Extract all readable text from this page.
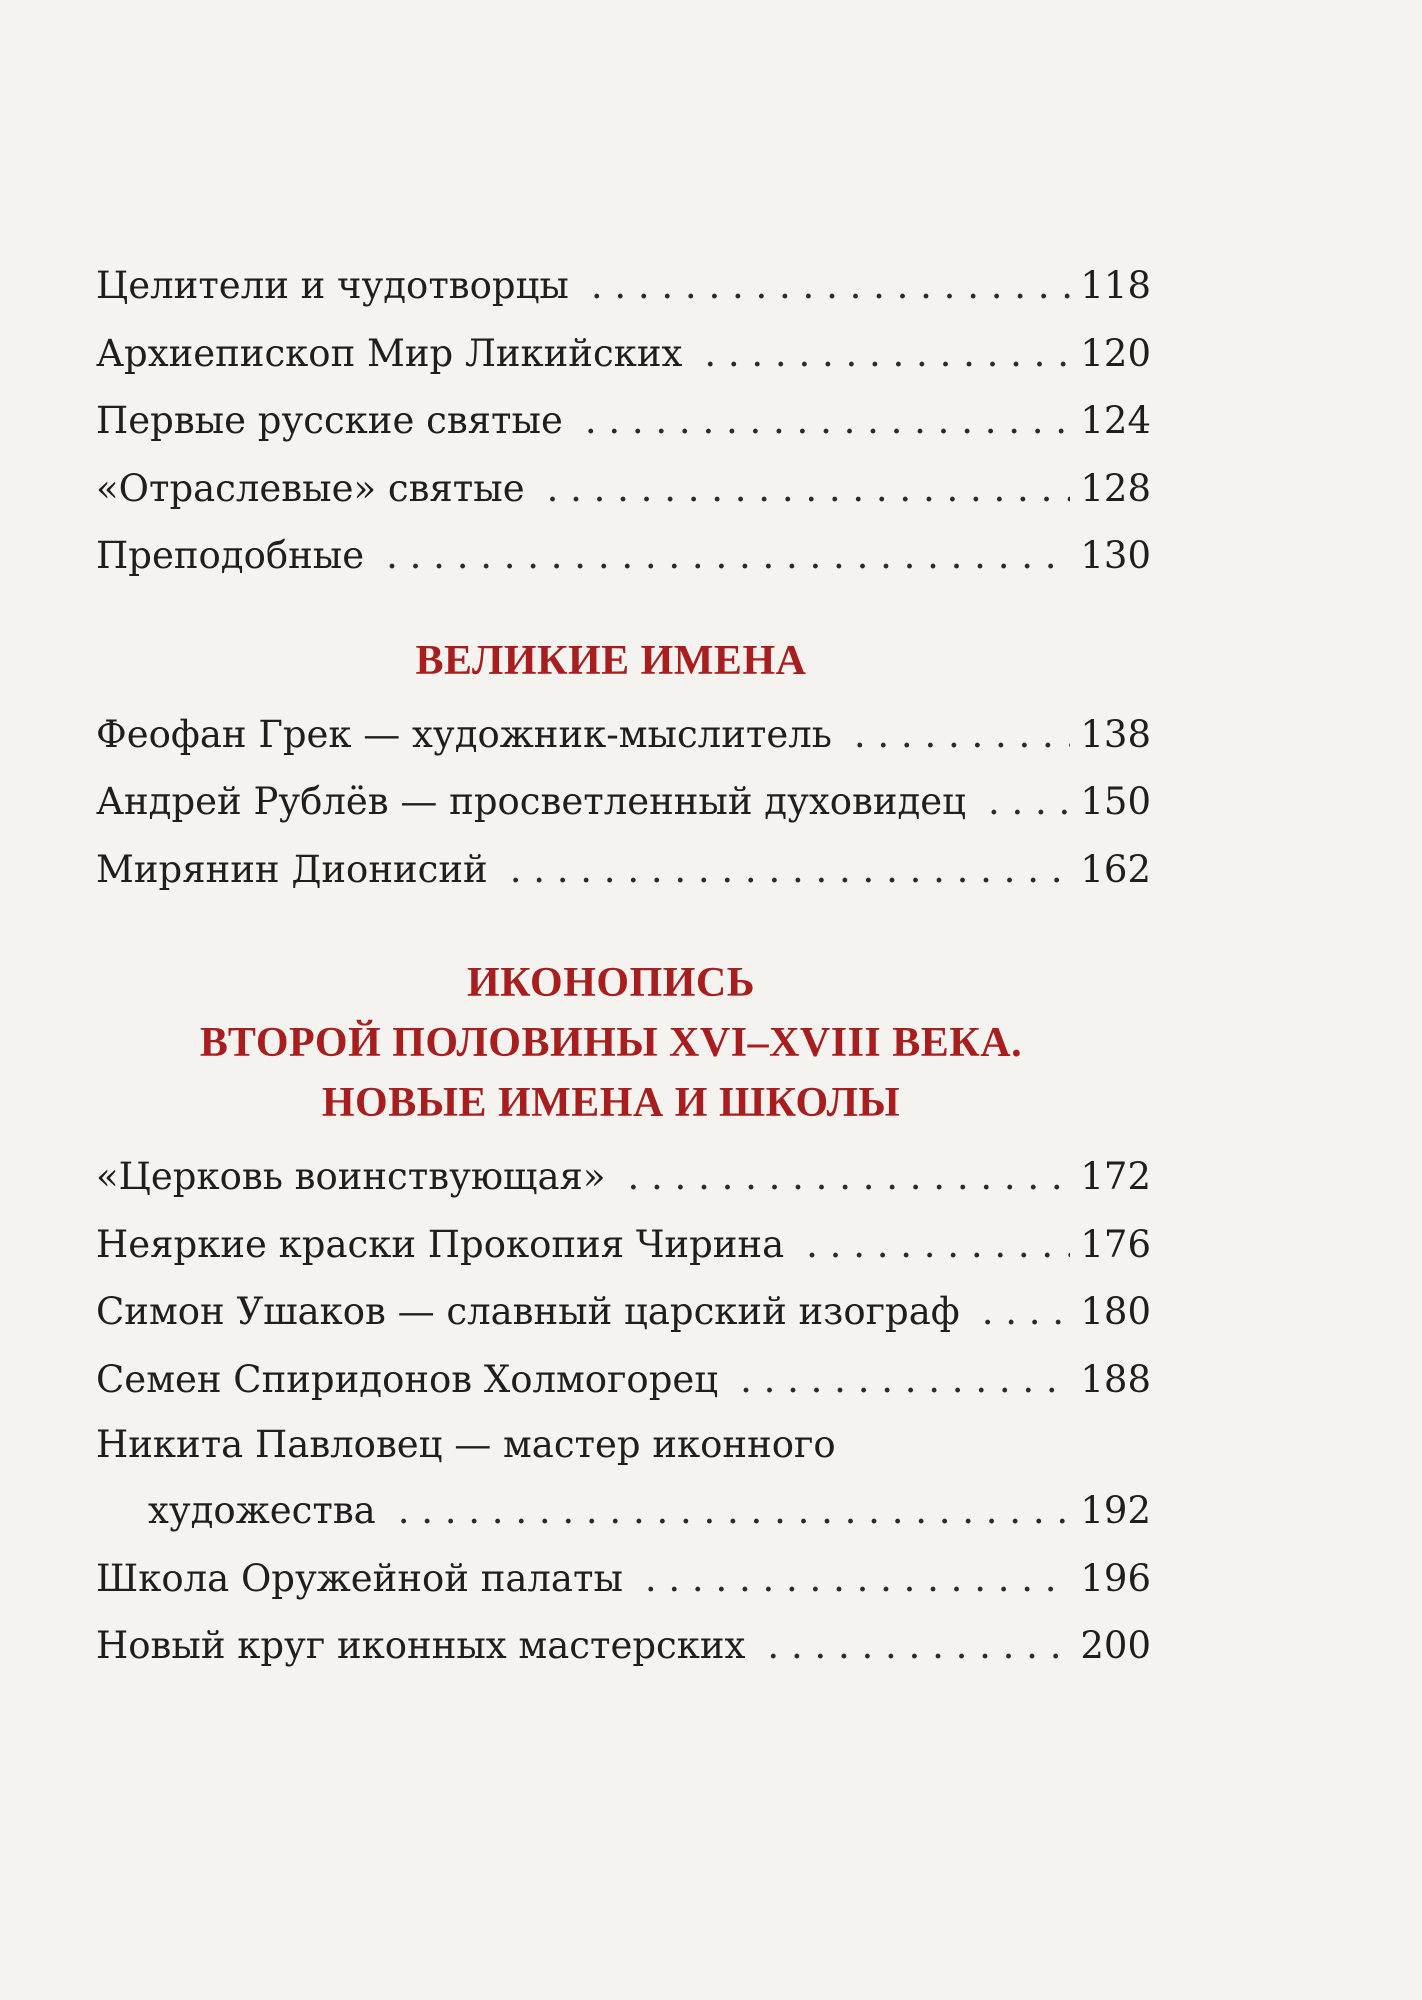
Целители и чудотворцы . . .	118
Архиепископ Мир Ликийских . . .	120
Первые русские святые . . .	124
«Отраслевые» святые . . .	128
Преподобные . . .	130
ВЕЛИКИЕ ИМЕНА
Феофан Грек — художник-мыслитель . . .	138
Андрей Рублёв — просветленный духовидец . . .	150
Мирянин Дионисий . . .	162
ИКОНОПИСЬ
ВТОРОЙ ПОЛОВИНЫ XVI–XVIII ВЕКА.
НОВЫЕ ИМЕНА И ШКОЛЫ
«Церковь воинствующая» . . .	172
Неяркие краски Прокопия Чирина . . .	176
Симон Ушаков — славный царский изограф . . .	180
Семен Спиридонов Холмогорец . . .	188
Никита Павловец — мастер иконного
художества . . .	192
Школа Оружейной палаты . . .	196
Новый круг иконных мастерских . . .	200
